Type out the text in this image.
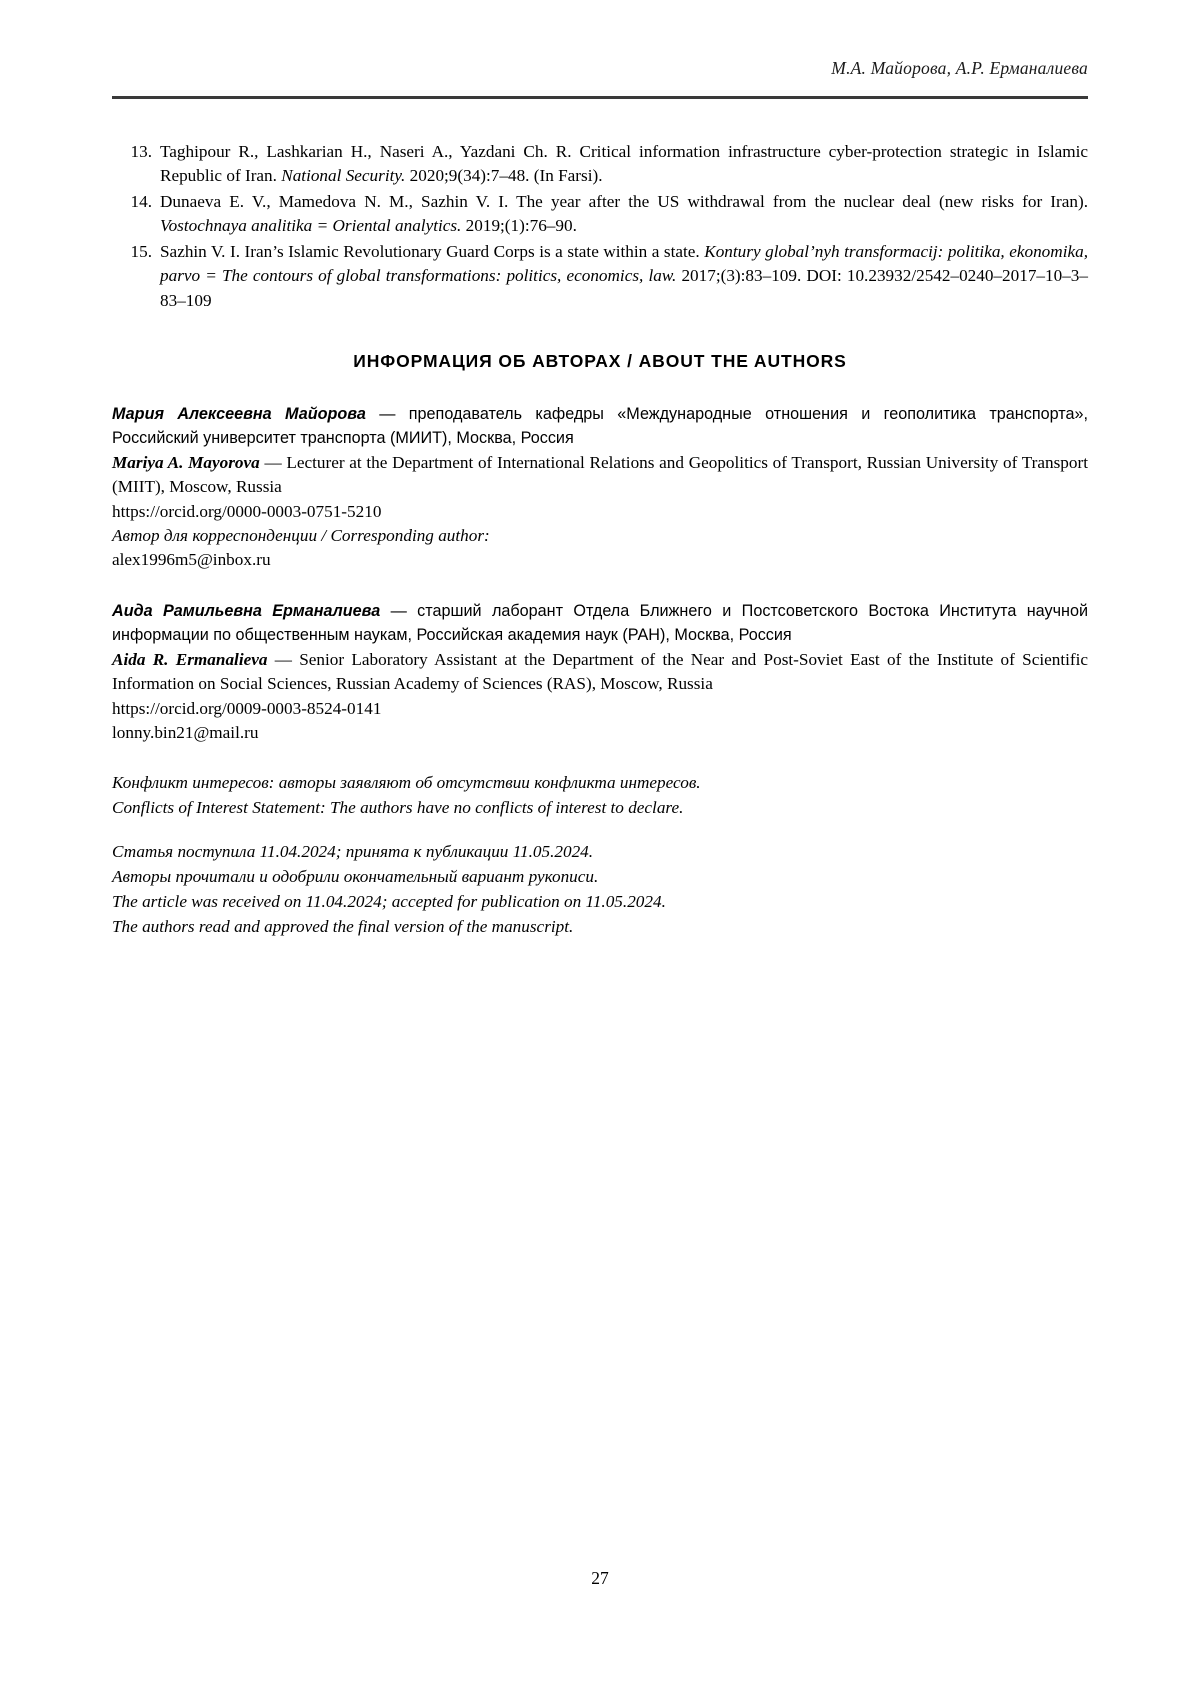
М.А. Майорова, А.Р. Ерманалиева
13. Taghipour R., Lashkarian H., Naseri A., Yazdani Ch. R. Critical information infrastructure cyber-protection strategic in Islamic Republic of Iran. National Security. 2020;9(34):7–48. (In Farsi).
14. Dunaeva E. V., Mamedova N. M., Sazhin V. I. The year after the US withdrawal from the nuclear deal (new risks for Iran). Vostochnaya analitika = Oriental analytics. 2019;(1):76–90.
15. Sazhin V. I. Iran’s Islamic Revolutionary Guard Corps is a state within a state. Kontury global’nyh transformacij: politika, ekonomika, parvo = The contours of global transformations: politics, economics, law. 2017;(3):83–109. DOI: 10.23932/2542–0240–2017–10–3–83–109
ИНФОРМАЦИЯ ОБ АВТОРАХ / ABOUT THE AUTHORS

Мария Алексеевна Майорова — преподаватель кафедры «Международные отношения и геополитика транспорта», Российский университет транспорта (МИИТ), Москва, Россия

Mariya A. Mayorova — Lecturer at the Department of International Relations and Geopolitics of Transport, Russian University of Transport (MIIT), Moscow, Russia

https://orcid.org/0000-0003-0751-5210

Автор для корреспонденции / Corresponding author:

alex1996m5@inbox.ru

Аида Рамильевна Ерманалиева — старший лаборант Отдела Ближнего и Постсоветского Востока Института научной информации по общественным наукам, Российская академия наук (РАН), Москва, Россия

Aida R. Ermanalieva — Senior Laboratory Assistant at the Department of the Near and Post-Soviet East of the Institute of Scientific Information on Social Sciences, Russian Academy of Sciences (RAS), Moscow, Russia

https://orcid.org/0009-0003-8524-0141

lonny.bin21@mail.ru

Конфликт интересов: авторы заявляют об отсутствии конфликта интересов.

Conflicts of Interest Statement: The authors have no conflicts of interest to declare.

Статья поступила 11.04.2024; принята к публикации 11.05.2024.

Авторы прочитали и одобрили окончательный вариант рукописи.

The article was received on 11.04.2024; accepted for publication on 11.05.2024.

The authors read and approved the final version of the manuscript.

27
